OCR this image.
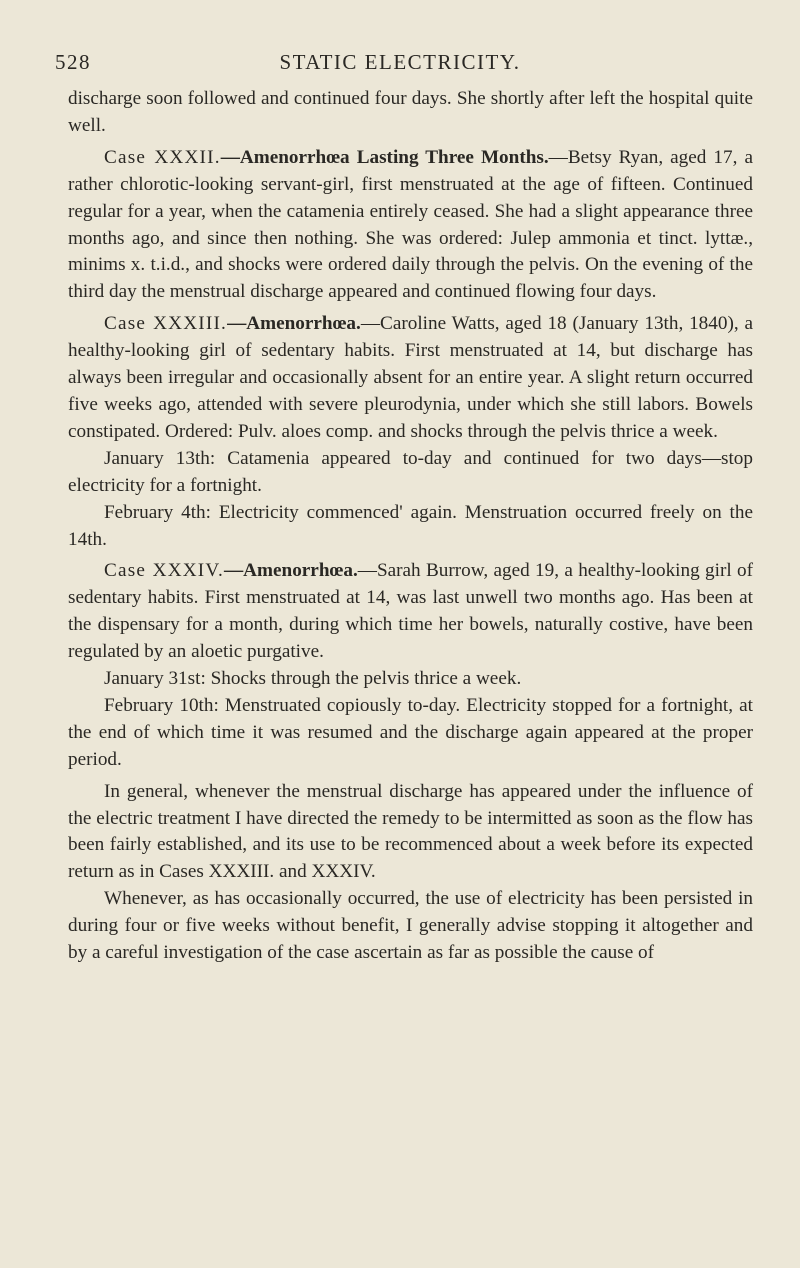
528	STATIC ELECTRICITY.

discharge soon followed and continued four days. She shortly after left the hospital quite well.

Case XXXII.—Amenorrhœa Lasting Three Months.—Betsy Ryan, aged 17, a rather chlorotic-looking servant-girl, first menstruated at the age of fifteen. Continued regular for a year, when the catamenia entirely ceased. She had a slight appearance three months ago, and since then nothing. She was ordered: Julep ammonia et tinct. lyttæ., minims x. t.i.d., and shocks were ordered daily through the pelvis. On the evening of the third day the menstrual discharge appeared and continued flowing four days.

Case XXXIII.—Amenorrhœa.—Caroline Watts, aged 18 (January 13th, 1840), a healthy-looking girl of sedentary habits. First menstruated at 14, but discharge has always been irregular and occasionally absent for an entire year. A slight return occurred five weeks ago, attended with severe pleurodynia, under which she still labors. Bowels constipated. Ordered: Pulv. aloes comp. and shocks through the pelvis thrice a week.

January 13th: Catamenia appeared to-day and continued for two days—stop electricity for a fortnight.

February 4th: Electricity commenced' again. Menstruation occurred freely on the 14th.

Case XXXIV.—Amenorrhœa.—Sarah Burrow, aged 19, a healthy-looking girl of sedentary habits. First menstruated at 14, was last unwell two months ago. Has been at the dispensary for a month, during which time her bowels, naturally costive, have been regulated by an aloetic purgative.

January 31st: Shocks through the pelvis thrice a week.

February 10th: Menstruated copiously to-day. Electricity stopped for a fortnight, at the end of which time it was resumed and the discharge again appeared at the proper period.

In general, whenever the menstrual discharge has appeared under the influence of the electric treatment I have directed the remedy to be intermitted as soon as the flow has been fairly established, and its use to be recommenced about a week before its expected return as in Cases XXXIII. and XXXIV.

Whenever, as has occasionally occurred, the use of electricity has been persisted in during four or five weeks without benefit, I generally advise stopping it altogether and by a careful investigation of the case ascertain as far as possible the cause of
